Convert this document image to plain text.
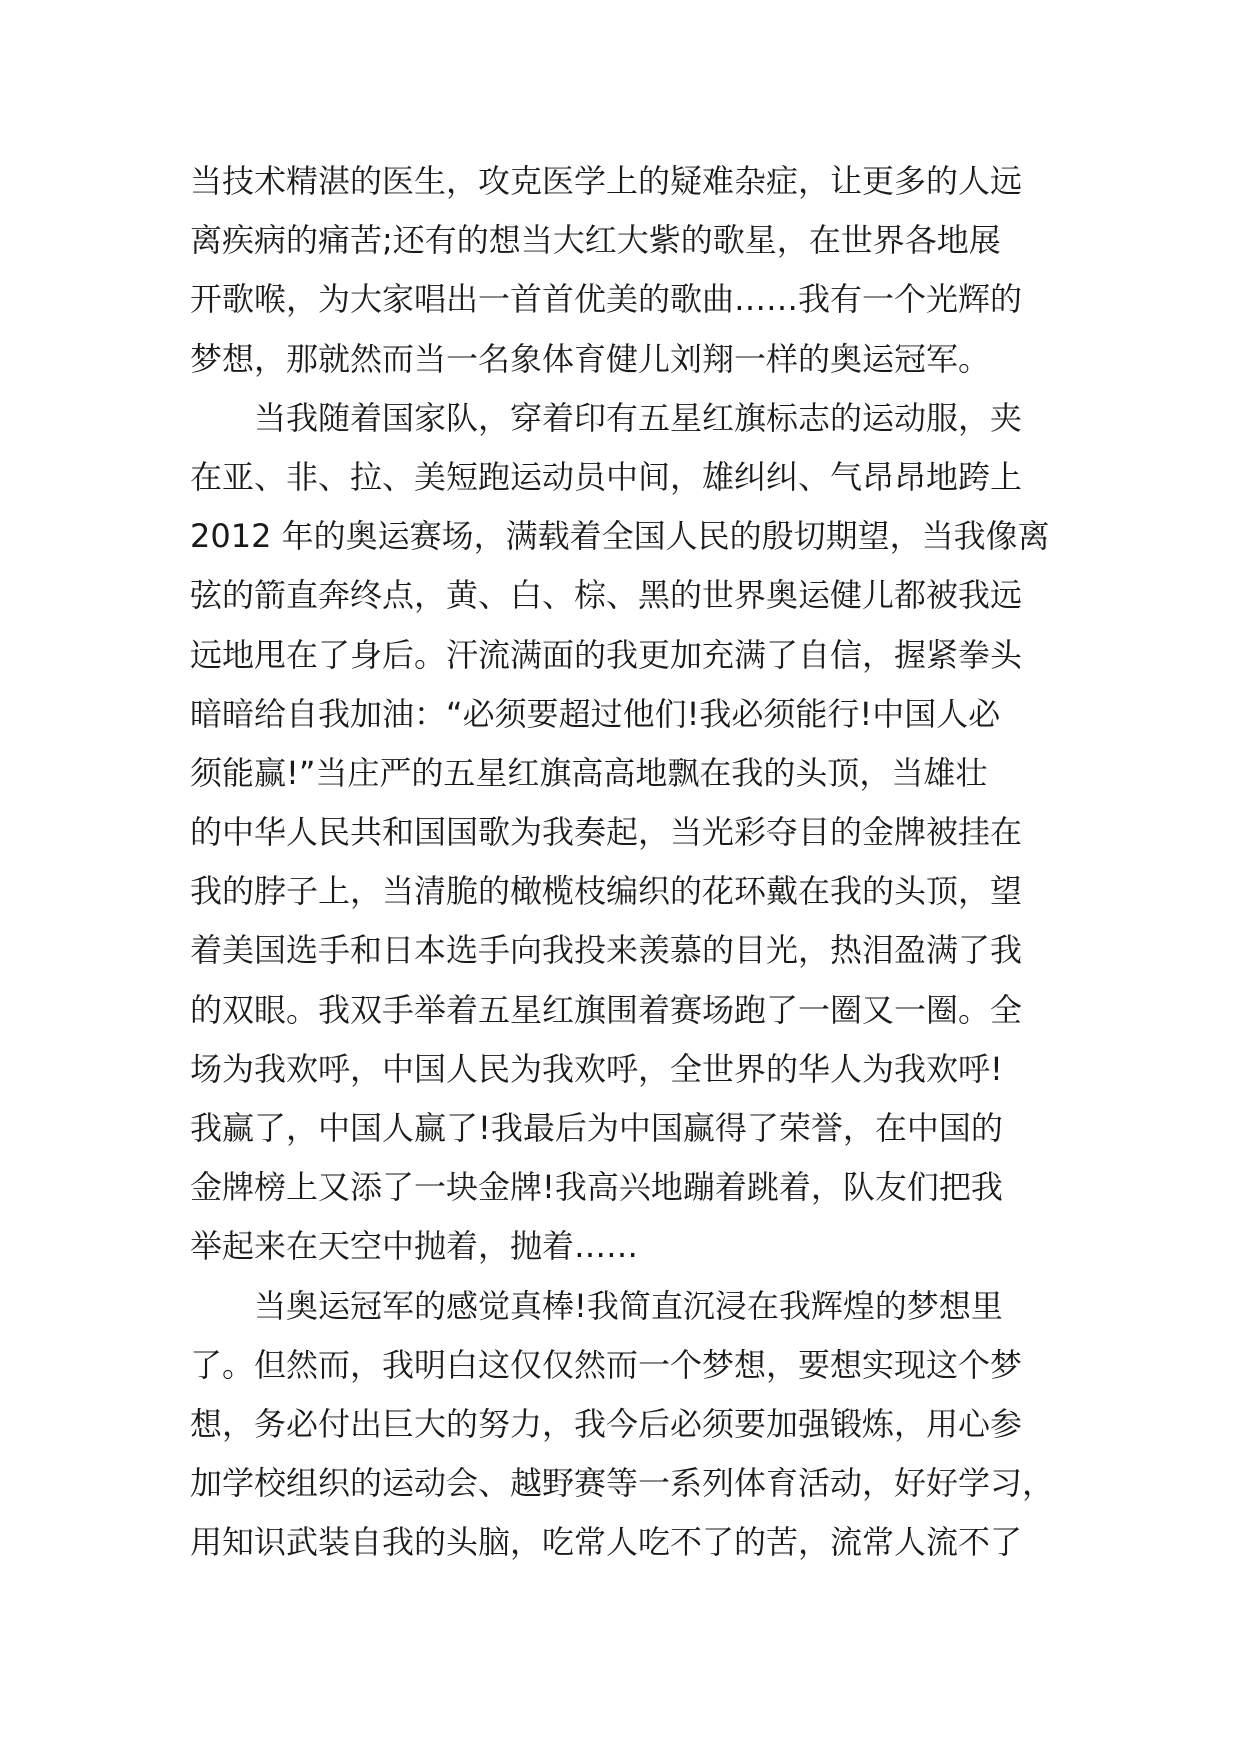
当技术精湛的医生，攻克医学上的疑难杂症，让更多的人远
离疾病的痛苦;还有的想当大红大紫的歌星，在世界各地展
开歌喉，为大家唱出一首首优美的歌曲……我有一个光辉的
梦想，那就然而当一名象体育健儿刘翔一样的奥运冠军。
　　当我随着国家队，穿着印有五星红旗标志的运动服，夹
在亚、非、拉、美短跑运动员中间，雄纠纠、气昂昂地跨上
2012 年的奥运赛场，满载着全国人民的殷切期望，当我像离
弦的箭直奔终点，黄、白、棕、黑的世界奥运健儿都被我远
远地甩在了身后。汗流满面的我更加充满了自信，握紧拳头
暗暗给自我加油：“必须要超过他们!我必须能行!中国人必
须能赢!”当庄严的五星红旗高高地飘在我的头顶，当雄壮
的中华人民共和国国歌为我奏起，当光彩夺目的金牌被挂在
我的脖子上，当清脆的橄榄枝编织的花环戴在我的头顶，望
着美国选手和日本选手向我投来羡慕的目光，热泪盈满了我
的双眼。我双手举着五星红旗围着赛场跑了一圈又一圈。全
场为我欢呼，中国人民为我欢呼，全世界的华人为我欢呼!
我赢了，中国人赢了!我最后为中国赢得了荣誉，在中国的
金牌榜上又添了一块金牌!我高兴地蹦着跳着，队友们把我
举起来在天空中抛着，抛着……
　　当奥运冠军的感觉真棒!我简直沉浸在我辉煌的梦想里
了。但然而，我明白这仅仅然而一个梦想，要想实现这个梦
想，务必付出巨大的努力，我今后必须要加强锻炼，用心参
加学校组织的运动会、越野赛等一系列体育活动，好好学习，
用知识武装自我的头脑，吃常人吃不了的苦，流常人流不了
